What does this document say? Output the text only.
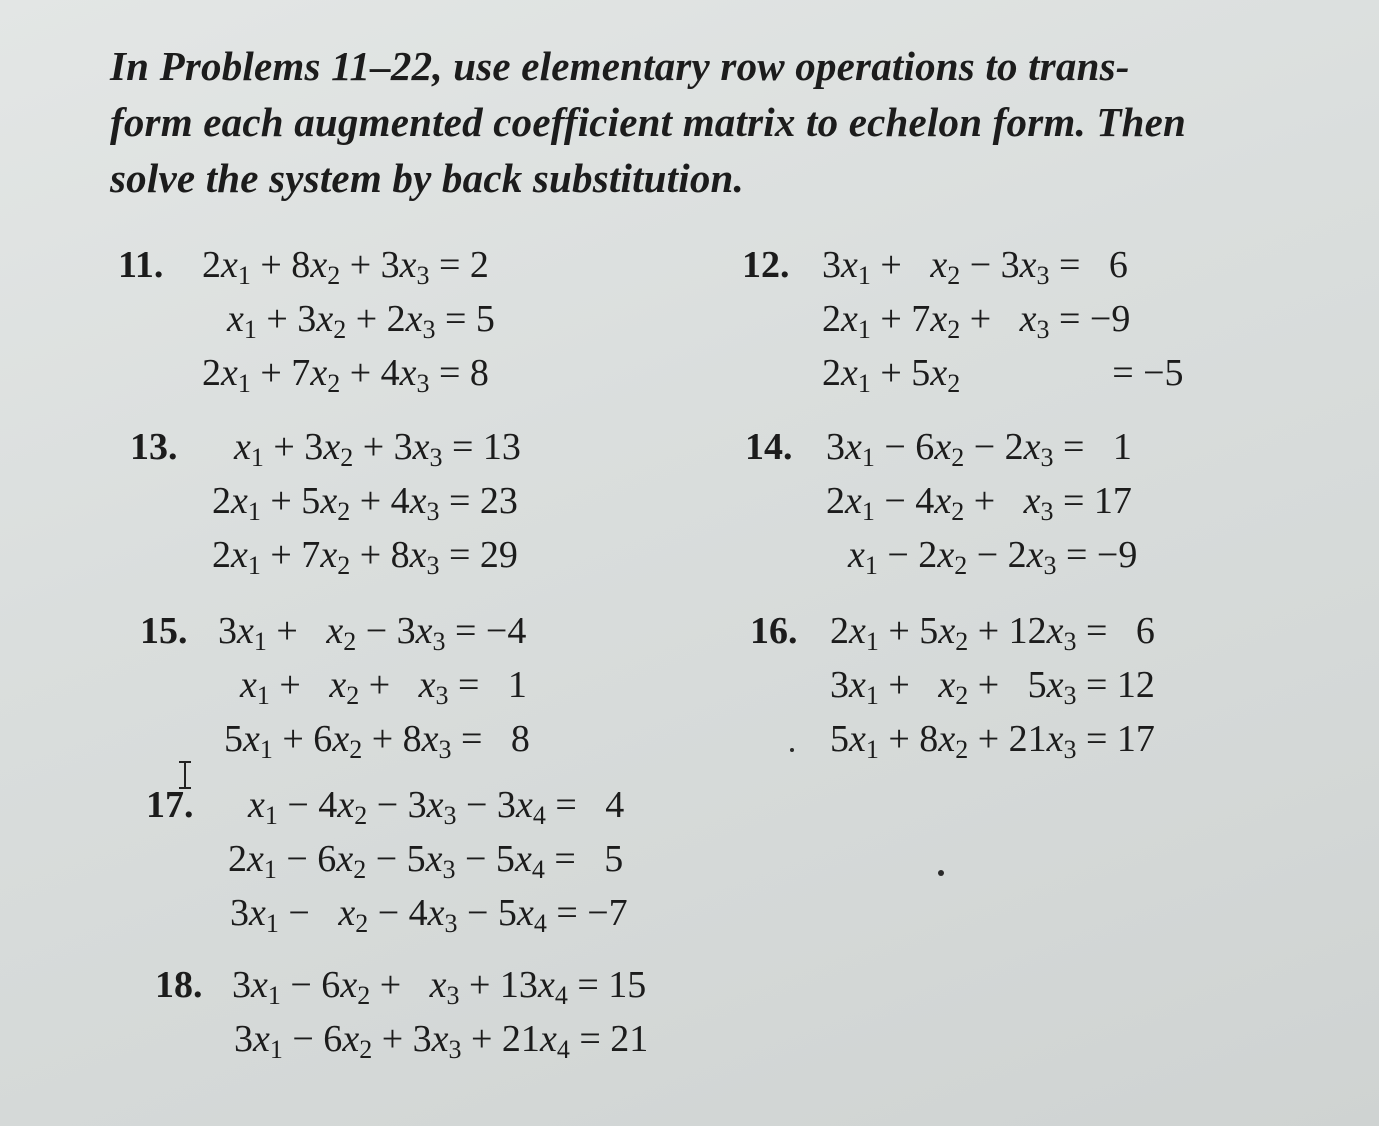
In Problems 11–22, use elementary row operations to trans-
form each augmented coefficient matrix to echelon form. Then
solve the system by back substitution.
11. $2x_1 + 8x_2 + 3x_3 = 2$
$x_1 + 3x_2 + 2x_3 = 5$
$2x_1 + 7x_2 + 4x_3 = 8$
12. $3x_1 + x_2 - 3x_3 = 6$
$2x_1 + 7x_2 + x_3 = -9$
$2x_1 + 5x_2$                = −5
13. $x_1 + 3x_2 + 3x_3 = 13$
$2x_1 + 5x_2 + 4x_3 = 23$
$2x_1 + 7x_2 + 8x_3 = 29$
14. $3x_1 - 6x_2 - 2x_3 = 1$
$2x_1 - 4x_2 + x_3 = 17$
$x_1 - 2x_2 - 2x_3 = -9$
15. $3x_1 + x_2 - 3x_3 = -4$
$x_1 + x_2 + x_3 = 1$
$5x_1 + 6x_2 + 8x_3 = 8$
16. $2x_1 + 5x_2 + 12x_3 = 6$
$3x_1 + x_2 + 5x_3 = 12$
$5x_1 + 8x_2 + 21x_3 = 17$
17. $x_1 - 4x_2 - 3x_3 - 3x_4 = 4$
$2x_1 - 6x_2 - 5x_3 - 5x_4 = 5$
$3x_1 - x_2 - 4x_3 - 5x_4 = -7$
18. $3x_1 - 6x_2 + x_3 + 13x_4 = 15$
$3x_1 - 6x_2 + 3x_3 + 21x_4 = 21$
